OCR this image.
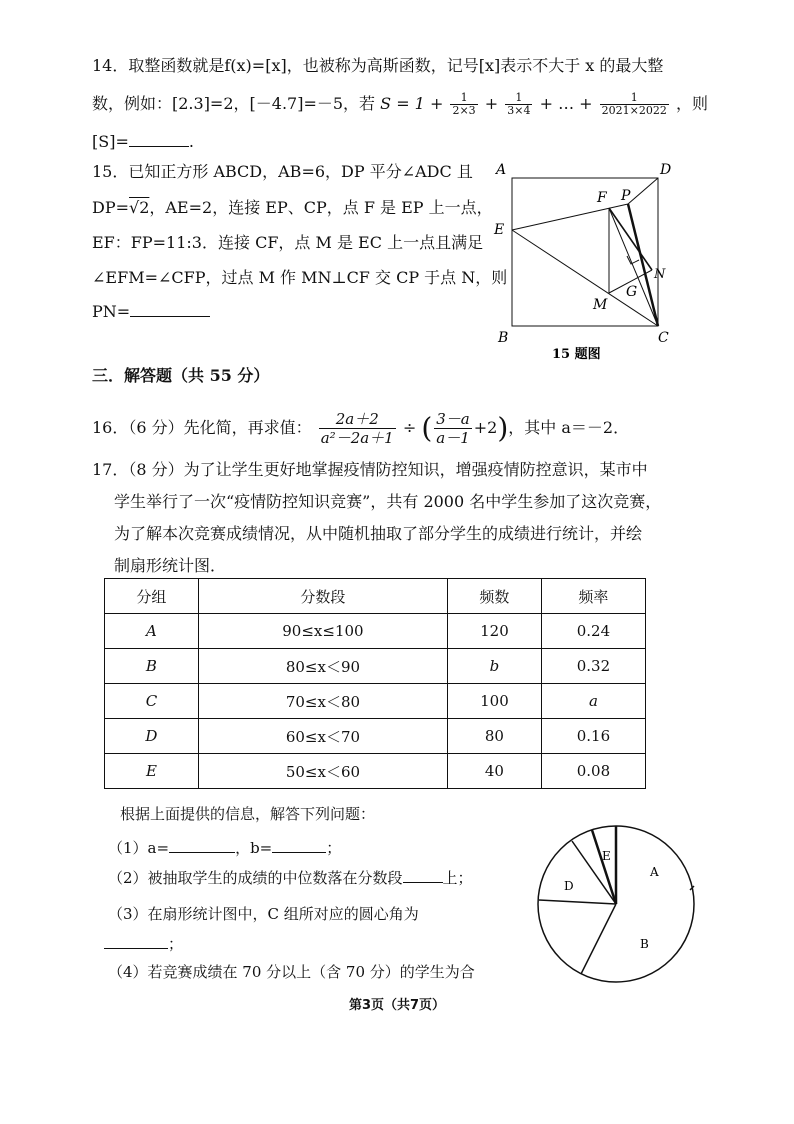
14．取整函数就是f(x)=[x]，也被称为高斯函数，记号[x]表示不大于 x 的最大整
数，例如：[2.3]=2，[－4.7]=－5，若 $S = 1 + \frac{1}{2\times 3} + \frac{1}{3\times 4}$ + … + $\frac{1}{2021\times 2022}$ ，则
[S]=	.
15．已知正方形 ABCD，AB=6，DP 平分∠ADC 且
DP=√2，AE=2，连接 EP、CP，点 F 是 EP 上一点，
EF：FP=11:3．连接 CF，点 M 是 EC 上一点且满足
∠EFM=∠CFP，过点 M 作 MN⊥CF 交 CP 于点 N，则
PN=
A	D
E
F P
N
G
M
B	C
15 题图
三．解答题（共 55 分）
16．（6 分）先化简，再求值： $\frac{2a+2}{\text{a²－2a＋1}}$ ÷ ( $\frac{3-a}{a-1} +2$)，其中 a＝－2．
17．（8 分）为了让学生更好地掌握疫情防控知识，增强疫情防控意识，某市中
学生举行了一次“疫情防控知识竞赛”，共有 2000 名中学生参加了这次竞赛，
为了解本次竞赛成绩情况，从中随机抽取了部分学生的成绩进行统计，并绘
制扇形统计图．
分组	分数段	频数	频率
A	90≤x≤100	120	0.24
B	80≤x＜90	b	0.32
C	70≤x＜80	100	a
D	60≤x＜70	80	0.16
E	50≤x＜60	40	0.08
根据上面提供的信息，解答下列问题：
（1）a=	，b=	；
（2）被抽取学生的成绩的中位数落在分数段	上；
（3）在扇形统计图中，C 组所对应的圆心角为
；
（4）若竞赛成绩在 70 分以上（含 70 分）的学生为合
E
A
D
B
第3页（共7页）
